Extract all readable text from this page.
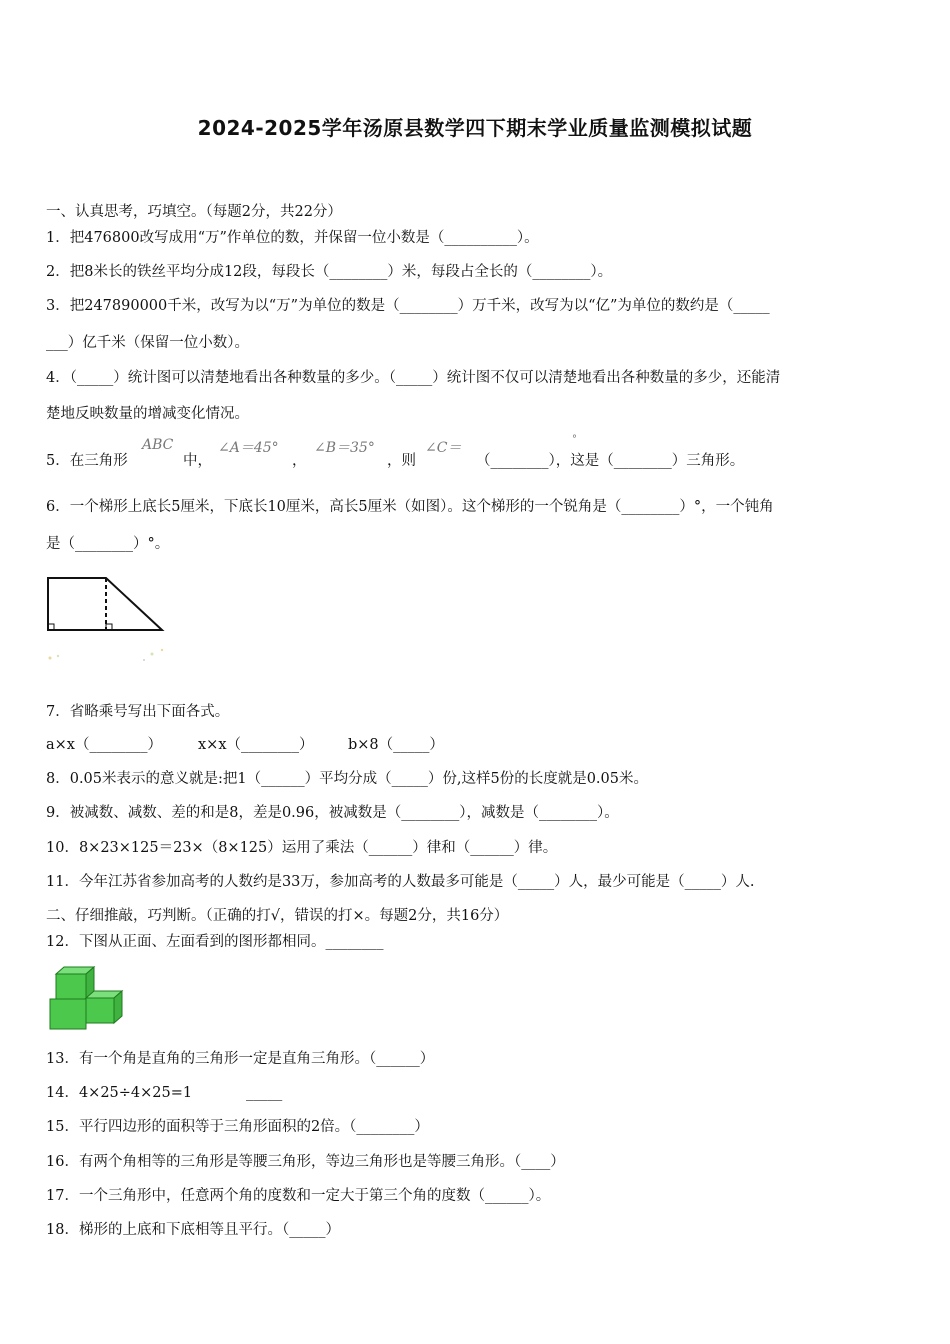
2024-2025学年汤原县数学四下期末学业质量监测模拟试题
一、认真思考，巧填空。（每题2分，共22分）
1．把476800改写成用“万”作单位的数，并保留一位小数是（__________）。
2．把8米长的铁丝平均分成12段，每段长（________）米，每段占全长的（________）。
3．把247890000千米，改写为以“万”为单位的数是（________）万千米，改写为以“亿”为单位的数约是（_____
___）亿千米（保留一位小数）。
4．（_____）统计图可以清楚地看出各种数量的多少。（_____）统计图不仅可以清楚地看出各种数量的多少，还能清
楚地反映数量的增减变化情况。
5．在三角形
ABC
中，
∠A＝45°
，
∠B＝35°
，则
∠C＝
°
（________），这是（________）三角形。
6．一个梯形上底长5厘米，下底长10厘米，高长5厘米（如图）。这个梯形的一个锐角是（________）°，一个钝角
是（________）°。
7．省略乘号写出下面各式。
a×x（________） x×x（________） b×8（_____）
8．0.05米表示的意义就是:把1（______）平均分成（_____）份,这样5份的长度就是0.05米。
9．被减数、减数、差的和是8，差是0.96，被减数是（________），减数是（________）。
10．8×23×125＝23×（8×125）运用了乘法（______）律和（______）律。
11．今年江苏省参加高考的人数约是33万，参加高考的人数最多可能是（_____）人，最少可能是（_____）人.
二、仔细推敲，巧判断。（正确的打√，错误的打×。每题2分，共16分）
12．下图从正面、左面看到的图形都相同。________
13．有一个角是直角的三角形一定是直角三角形。（______）
14．4×25÷4×25=1	_____
15．平行四边形的面积等于三角形面积的2倍。（________）
16．有两个角相等的三角形是等腰三角形，等边三角形也是等腰三角形。（____）
17．一个三角形中，任意两个角的度数和一定大于第三个角的度数（______）。
18．梯形的上底和下底相等且平行。（_____）
